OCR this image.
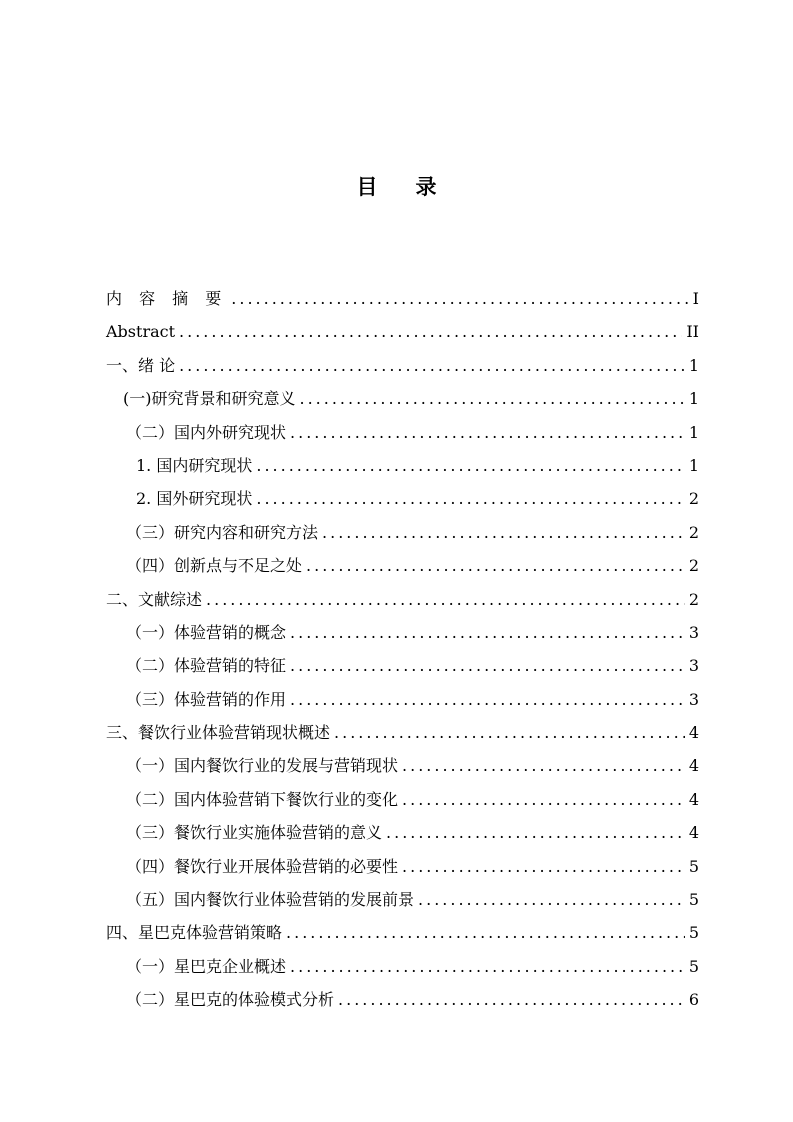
目录
内 容 摘 要 .....	I
Abstract .....	II
一、绪 论 .....	1
(一)研究背景和研究意义 .....	1
（二）国内外研究现状 .....	1
1. 国内研究现状 .....	1
2. 国外研究现状 .....	2
（三）研究内容和研究方法 .....	2
（四）创新点与不足之处 .....	2
二、文献综述 .....	2
（一）体验营销的概念 .....	3
（二）体验营销的特征 .....	3
（三）体验营销的作用 .....	3
三、餐饮行业体验营销现状概述 .....	4
（一）国内餐饮行业的发展与营销现状 .....	4
（二）国内体验营销下餐饮行业的变化 .....	4
（三）餐饮行业实施体验营销的意义 .....	4
（四）餐饮行业开展体验营销的必要性 .....	5
（五）国内餐饮行业体验营销的发展前景 .....	5
四、星巴克体验营销策略 .....	5
（一）星巴克企业概述 .....	5
（二）星巴克的体验模式分析 .....	6
